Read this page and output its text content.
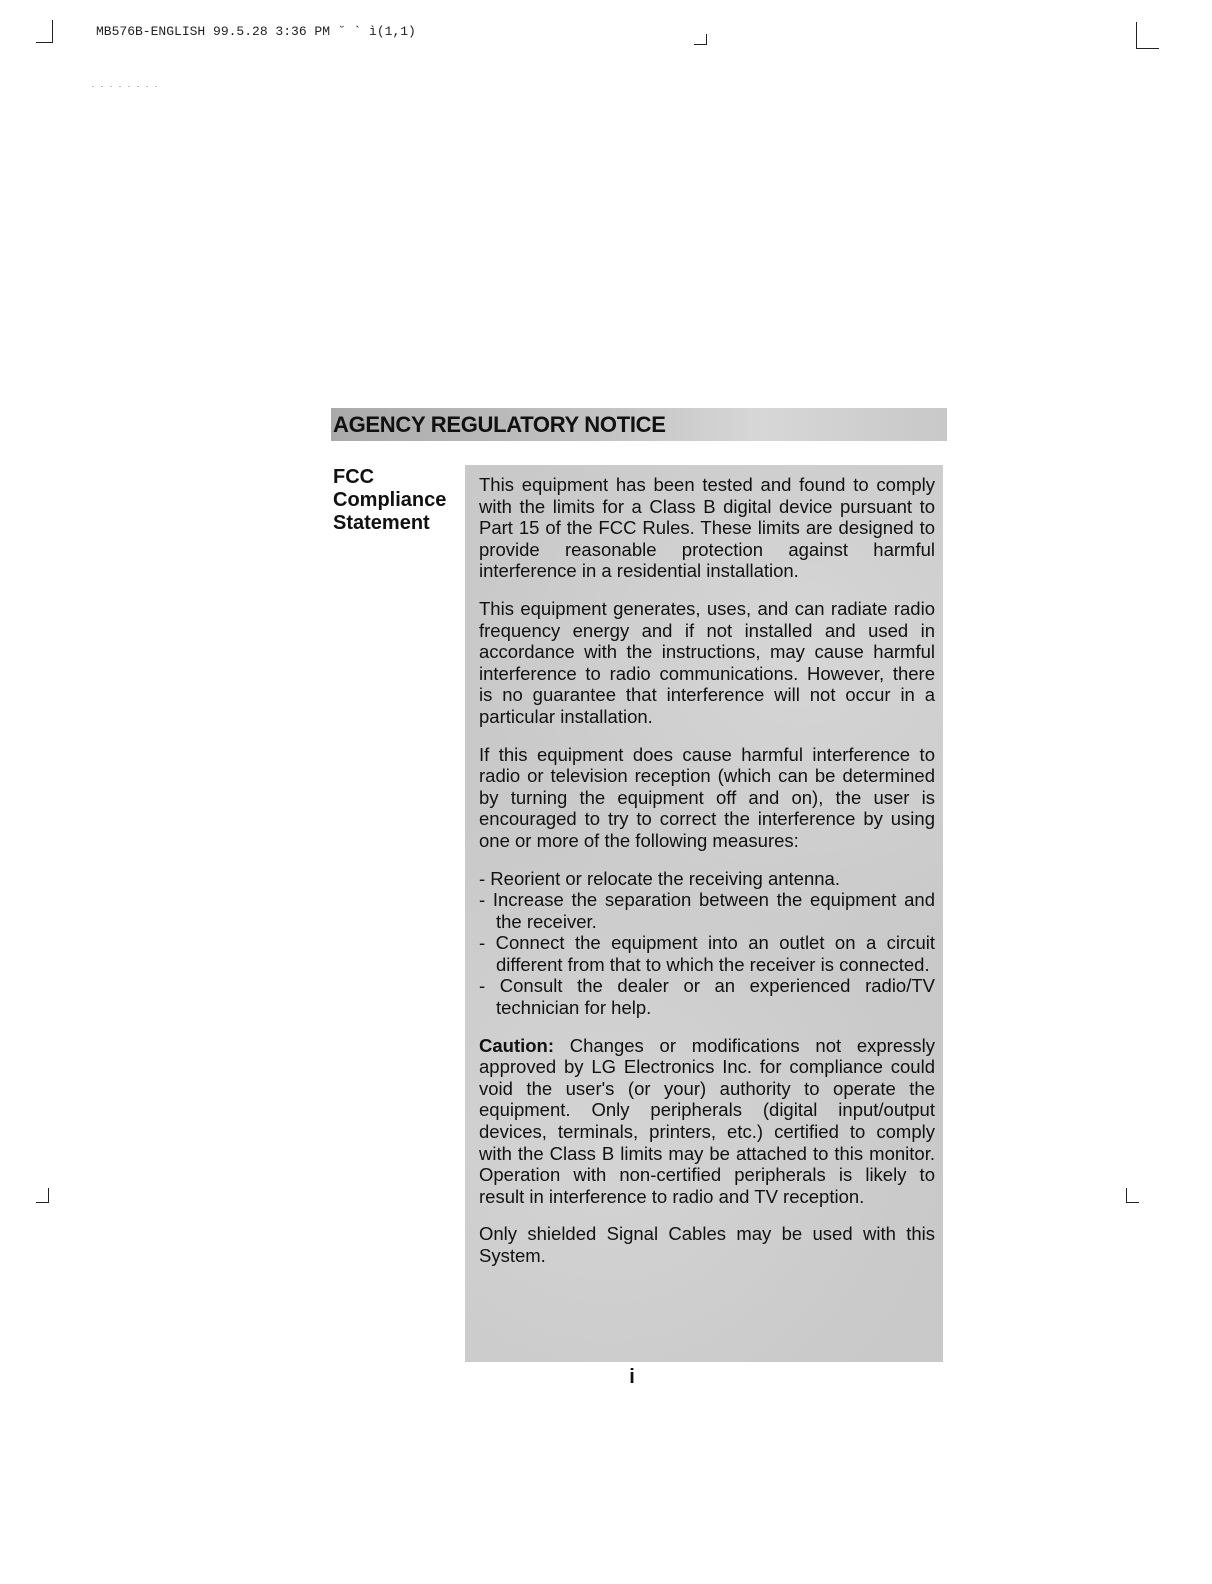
MB576B-ENGLISH 99.5.28 3:36 PM ˘ ` ì(1,1)
AGENCY REGULATORY NOTICE
FCC
Compliance
Statement

This equipment has been tested and found to comply with the limits for a Class B digital device pursuant to Part 15 of the FCC Rules. These limits are designed to provide reasonable protection against harmful interference in a residential installation.

This equipment generates, uses, and can radiate radio frequency energy and if not installed and used in accordance with the instructions, may cause harmful interference to radio communications. However, there is no guarantee that interference will not occur in a particular installation.

If this equipment does cause harmful interference to radio or television reception (which can be determined by turning the equipment off and on), the user is encouraged to try to correct the interference by using one or more of the following measures:

- Reorient or relocate the receiving antenna.
- Increase the separation between the equipment and the receiver.
- Connect the equipment into an outlet on a circuit different from that to which the receiver is connected.
- Consult the dealer or an experienced radio/TV technician for help.

Caution: Changes or modifications not expressly approved by LG Electronics Inc. for compliance could void the user's (or your) authority to operate the equipment. Only peripherals (digital input/output devices, terminals, printers, etc.) certified to comply with the Class B limits may be attached to this monitor. Operation with non-certified peripherals is likely to result in interference to radio and TV reception.

Only shielded Signal Cables may be used with this System.

i
